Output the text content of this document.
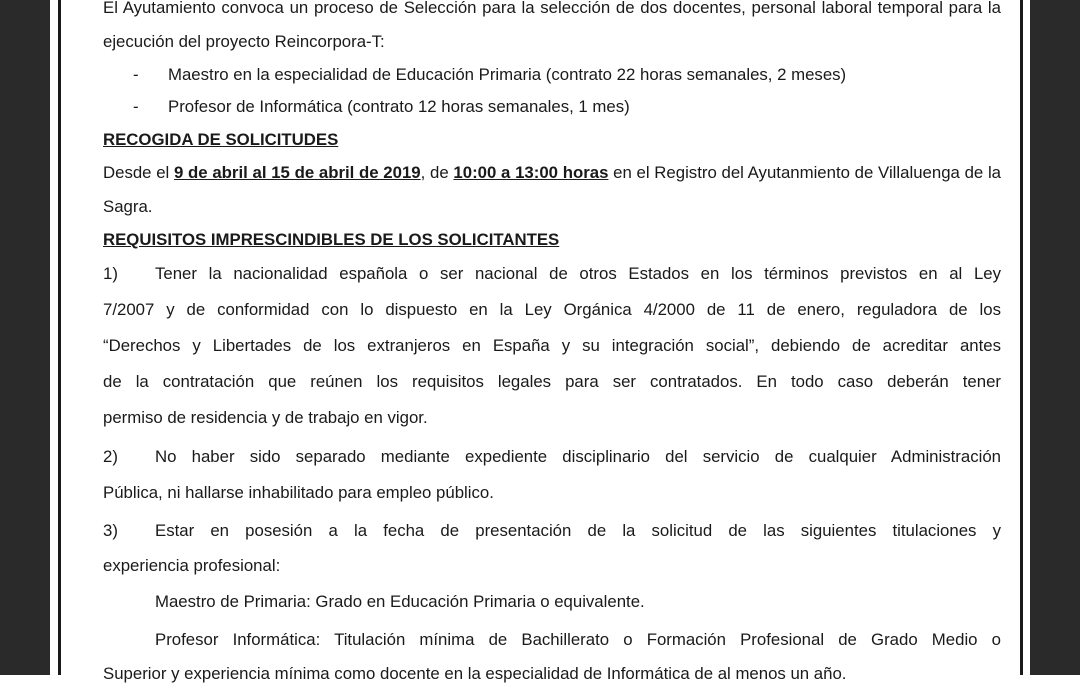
El Ayutamiento convoca un proceso de Selección para la selección de dos docentes, personal laboral temporal para la
ejecución del proyecto Reincorpora-T:
- Maestro en la especialidad de Educación Primaria (contrato 22 horas semanales, 2 meses)
- Profesor de Informática (contrato 12 horas semanales, 1 mes)
RECOGIDA DE SOLICITUDES
Desde el 9 de abril al 15 de abril de 2019, de 10:00 a 13:00 horas en el Registro del Ayutanmiento de Villaluenga de la
Sagra.
REQUISITOS IMPRESCINDIBLES DE LOS SOLICITANTES
1) Tener la nacionalidad española o ser nacional de otros Estados en los términos previstos en al Ley
7/2007 y de conformidad con lo dispuesto en la Ley Orgánica 4/2000 de 11 de enero, reguladora de los
“Derechos y Libertades de los extranjeros en España y su integración social”, debiendo de acreditar antes
de la contratación que reúnen los requisitos legales para ser contratados. En todo caso deberán tener
permiso de residencia y de trabajo en vigor.
2) No haber sido separado mediante expediente disciplinario del servicio de cualquier Administración
Pública, ni hallarse inhabilitado para empleo público.
3) Estar en posesión a la fecha de presentación de la solicitud de las siguientes titulaciones y
experiencia profesional:
Maestro de Primaria: Grado en Educación Primaria o equivalente.
Profesor Informática: Titulación mínima de Bachillerato o Formación Profesional de Grado Medio o
Superior y experiencia mínima como docente en la especialidad de Informática de al menos un año.
